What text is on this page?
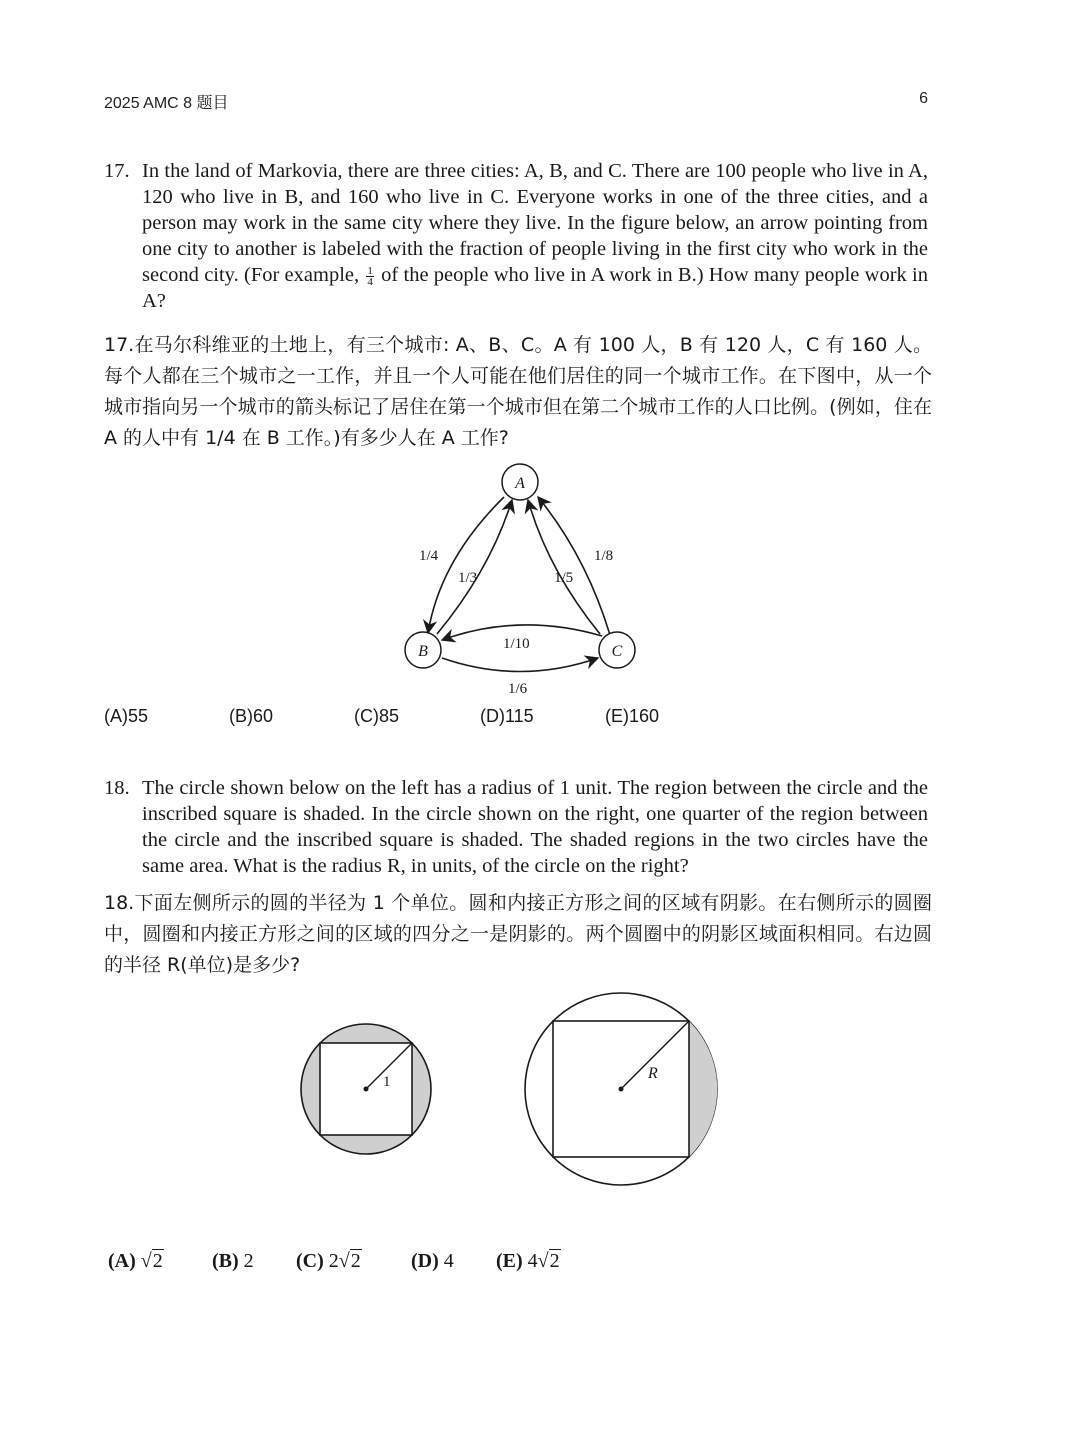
2025 AMC 8 题目	6
17. In the land of Markovia, there are three cities: A, B, and C. There are 100 people who live in A, 120 who live in B, and 160 who live in C. Everyone works in one of the three cities, and a person may work in the same city where they live. In the figure below, an arrow pointing from one city to another is labeled with the fraction of people living in the first city who work in the second city. (For example, $\frac{1}{4}$ of the people who live in A work in B.) How many people work in A?
17.在马尔科维亚的土地上，有三个城市: A、B、C。A 有 100 人，B 有 120 人，C 有 160 人。每个人都在三个城市之一工作，并且一个人可能在他们居住的同一个城市工作。在下图中，从一个城市指向另一个城市的箭头标记了居住在第一个城市但在第二个城市工作的人口比例。(例如，住在 A 的人中有 1/4 在 B 工作。)有多少人在 A 工作?
A
B	C
1/4
1/3	1/5
1/8
1/10
1/6
(A)55	(B)60	(C)85	(D)115	(E)160
18. The circle shown below on the left has a radius of 1 unit. The region between the circle and the inscribed square is shaded. In the circle shown on the right, one quarter of the region between the circle and the inscribed square is shaded. The shaded regions in the two circles have the same area. What is the radius R, in units, of the circle on the right?
18.下面左侧所示的圆的半径为 1 个单位。圆和内接正方形之间的区域有阴影。在右侧所示的圆圈中，圆圈和内接正方形之间的区域的四分之一是阴影的。两个圆圈中的阴影区域面积相同。右边圆的半径 R(单位)是多少?
1	R
(A) √2 (B) 2 (C) 2√2	(D) 4 (E) 4√2
